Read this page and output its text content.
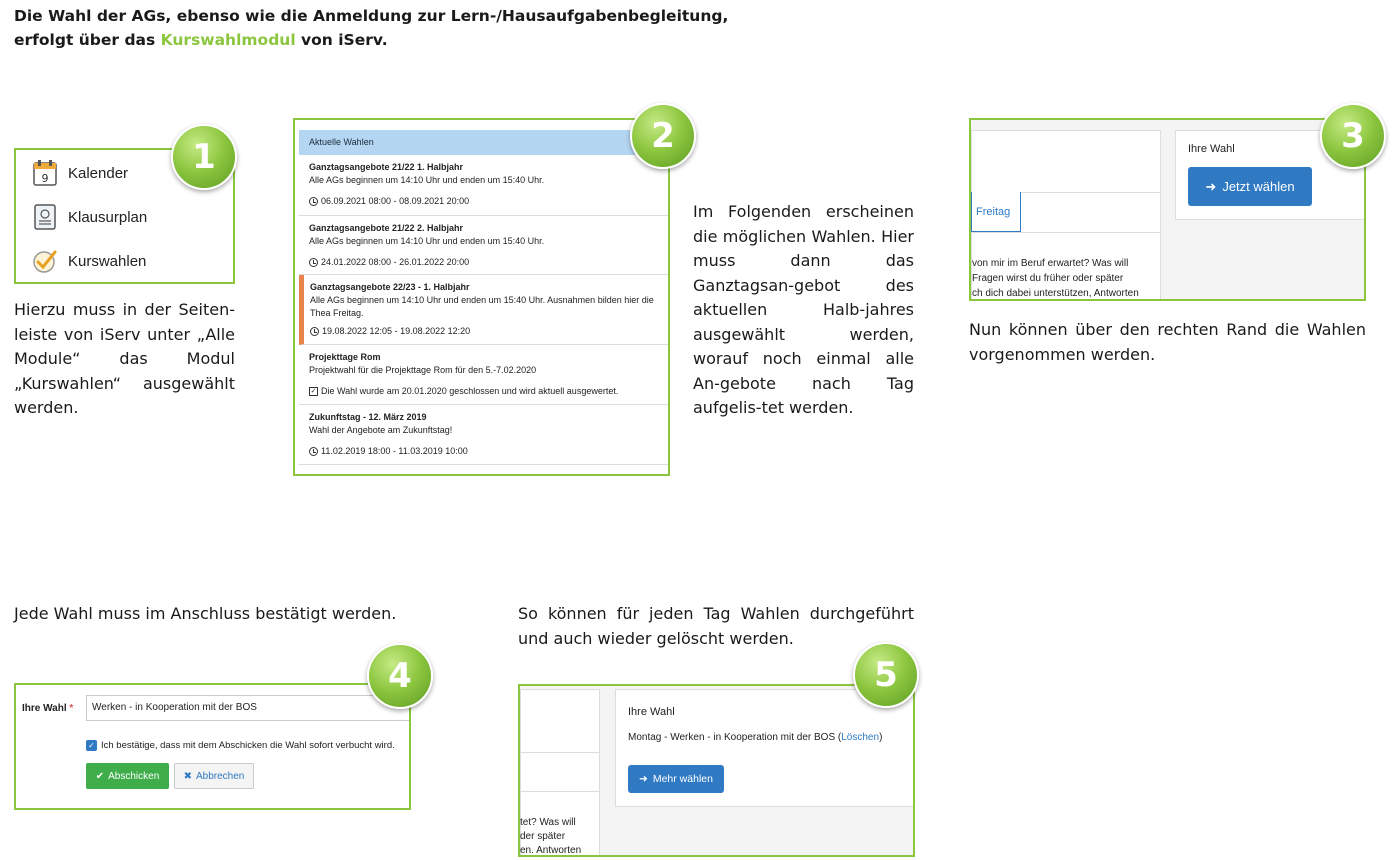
Die Wahl der AGs, ebenso wie die Anmeldung zur Lern-/Hausaufgabenbegleitung,
erfolgt über das Kurswahlmodul von iServ.
9 Kalender
Klausurplan
Kurswahlen
1
Hierzu muss in der Seiten-leiste von iServ unter „Alle Module“ das Modul „Kurswahlen“ ausgewählt werden.
Aktuelle Wahlen
Ganztagsangebote 21/22 1. Halbjahr
Alle AGs beginnen um 14:10 Uhr und enden um 15:40 Uhr.
06.09.2021 08:00 - 08.09.2021 20:00
Ganztagsangebote 21/22 2. Halbjahr
Alle AGs beginnen um 14:10 Uhr und enden um 15:40 Uhr.
24.01.2022 08:00 - 26.01.2022 20:00
Ganztagsangebote 22/23 - 1. Halbjahr
Alle AGs beginnen um 14:10 Uhr und enden um 15:40 Uhr. Ausnahmen bilden hier die Thea Freitag.
19.08.2022 12:05 - 19.08.2022 12:20
Projekttage Rom
Projektwahl für die Projekttage Rom für den 5.-7.02.2020
✓ Die Wahl wurde am 20.01.2020 geschlossen und wird aktuell ausgewertet.
Zukunftstag - 12. März 2019
Wahl der Angebote am Zukunftstag!
11.02.2019 18:00 - 11.03.2019 10:00
2
Im Folgenden erscheinen die möglichen Wahlen. Hier muss dann das Ganztagsan-gebot des aktuellen Halb-jahres ausgewählt werden, worauf noch einmal alle An-gebote nach Tag aufgelis-tet werden.
Freitag
von mir im Beruf erwartet? Was will
Fragen wirst du früher oder später
ch dich dabei unterstützen, Antworten
Ihre Wahl
➜ Jetzt wählen
3
Nun können über den rechten Rand die Wahlen vorgenommen werden.
Jede Wahl muss im Anschluss bestätigt werden.
Ihre Wahl *	Werken - in Kooperation mit der BOS
✓ Ich bestätige, dass mit dem Abschicken die Wahl sofort verbucht wird.
✔ Abschicken ✖ Abbrechen
4
So können für jeden Tag Wahlen durchgeführt und auch wieder gelöscht werden.
tet? Was will
der später
en. Antworten
Ihre Wahl
Montag - Werken - in Kooperation mit der BOS (Löschen)
➜ Mehr wählen
5
